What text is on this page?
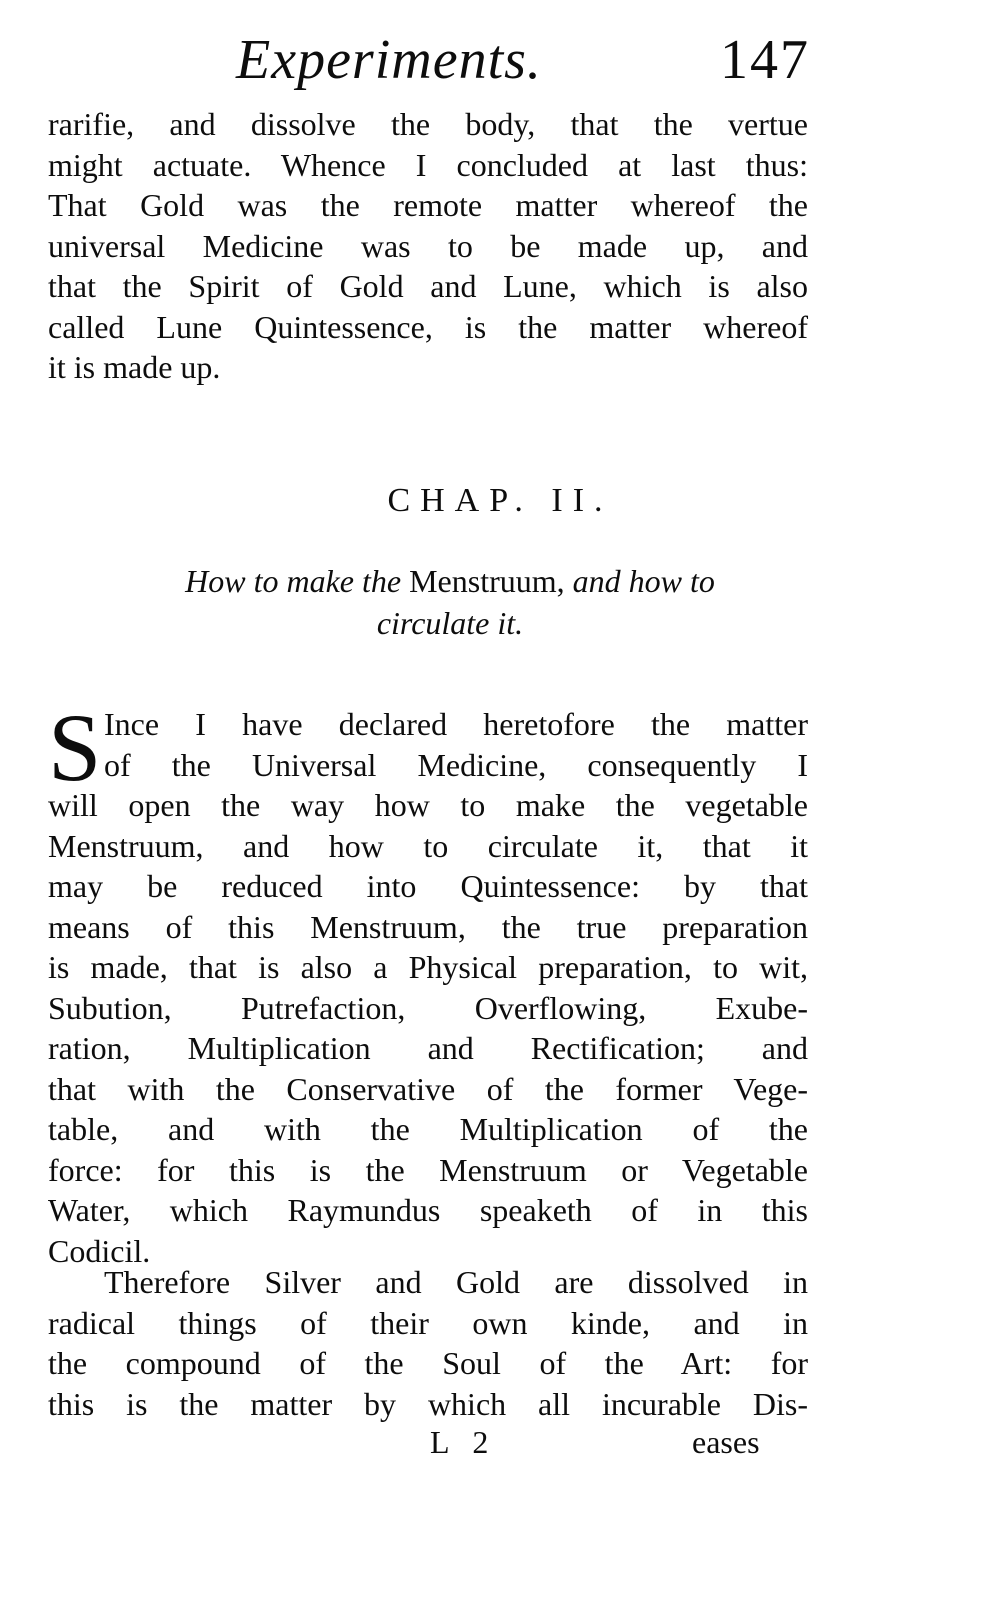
Experiments.	147
rarifie, and dissolve the body, that the vertue
might actuate. Whence I concluded at last thus:
That Gold was the remote matter whereof the
universal Medicine was to be made up, and
that the Spirit of Gold and Lune, which is also
called Lune Quintessence, is the matter whereof
it is made up.
CHAP. II.
How to make the Menstruum, and how to
circulate it.
S Ince I have declared heretofore the matter
of the Universal Medicine, consequently I
will open the way how to make the vegetable
Menstruum, and how to circulate it, that it
may be reduced into Quintessence: by that
means of this Menstruum, the true preparation
is made, that is also a Physical preparation, to wit,
Subution, Putrefaction, Overflowing, Exube-
ration, Multiplication and Rectification; and
that with the Conservative of the former Vege-
table, and with the Multiplication of the
force: for this is the Menstruum or Vegetable
Water, which Raymundus speaketh of in this
Codicil.
Therefore Silver and Gold are dissolved in
radical things of their own kinde, and in
the compound of the Soul of the Art: for
this is the matter by which all incurable Dis-
L 2	eases
